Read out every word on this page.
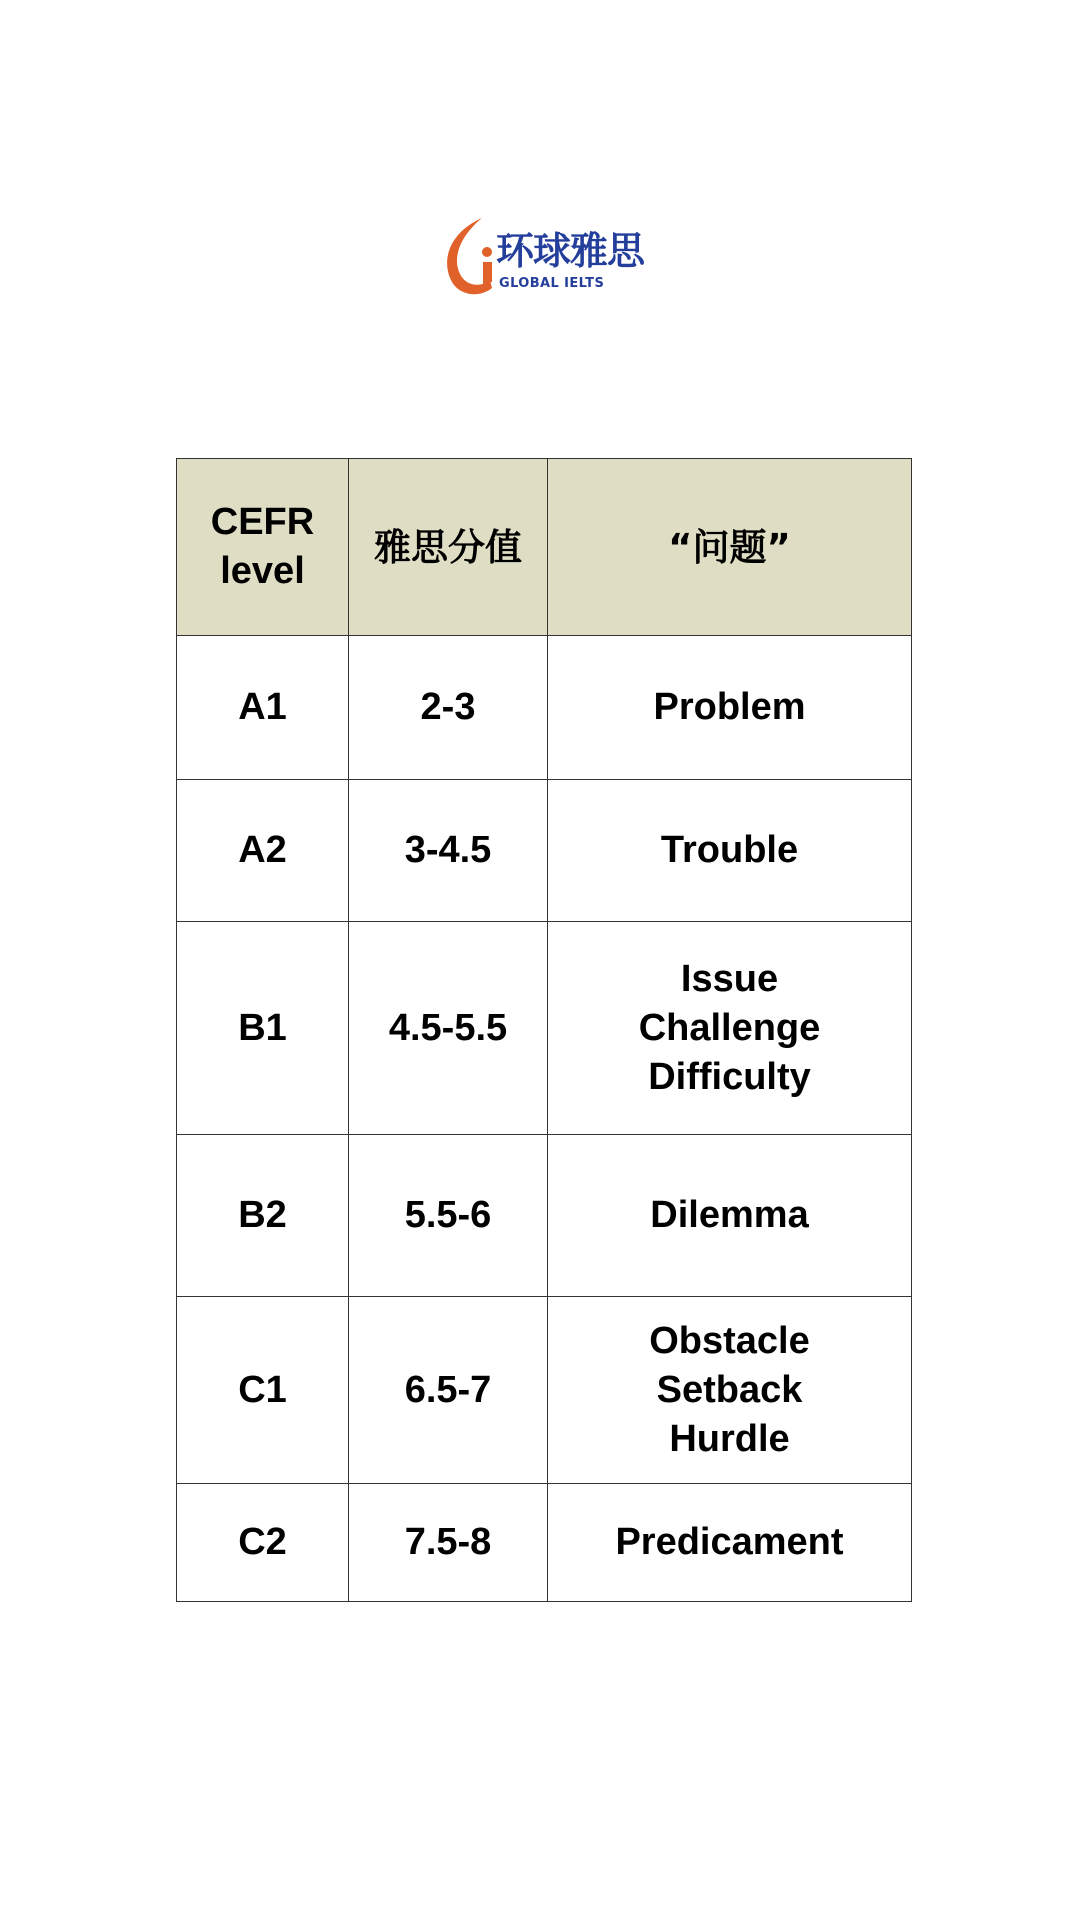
环球雅思
GLOBAL IELTS
CEFR level	雅思分值	“问题”
A1	2-3	Problem

A2	3-4.5	Trouble

B1	4.5-5.5	Issue
Challenge
Difficulty

B2	5.5-6	Dilemma

C1	6.5-7	Obstacle
Setback
Hurdle

C2	7.5-8	Predicament
